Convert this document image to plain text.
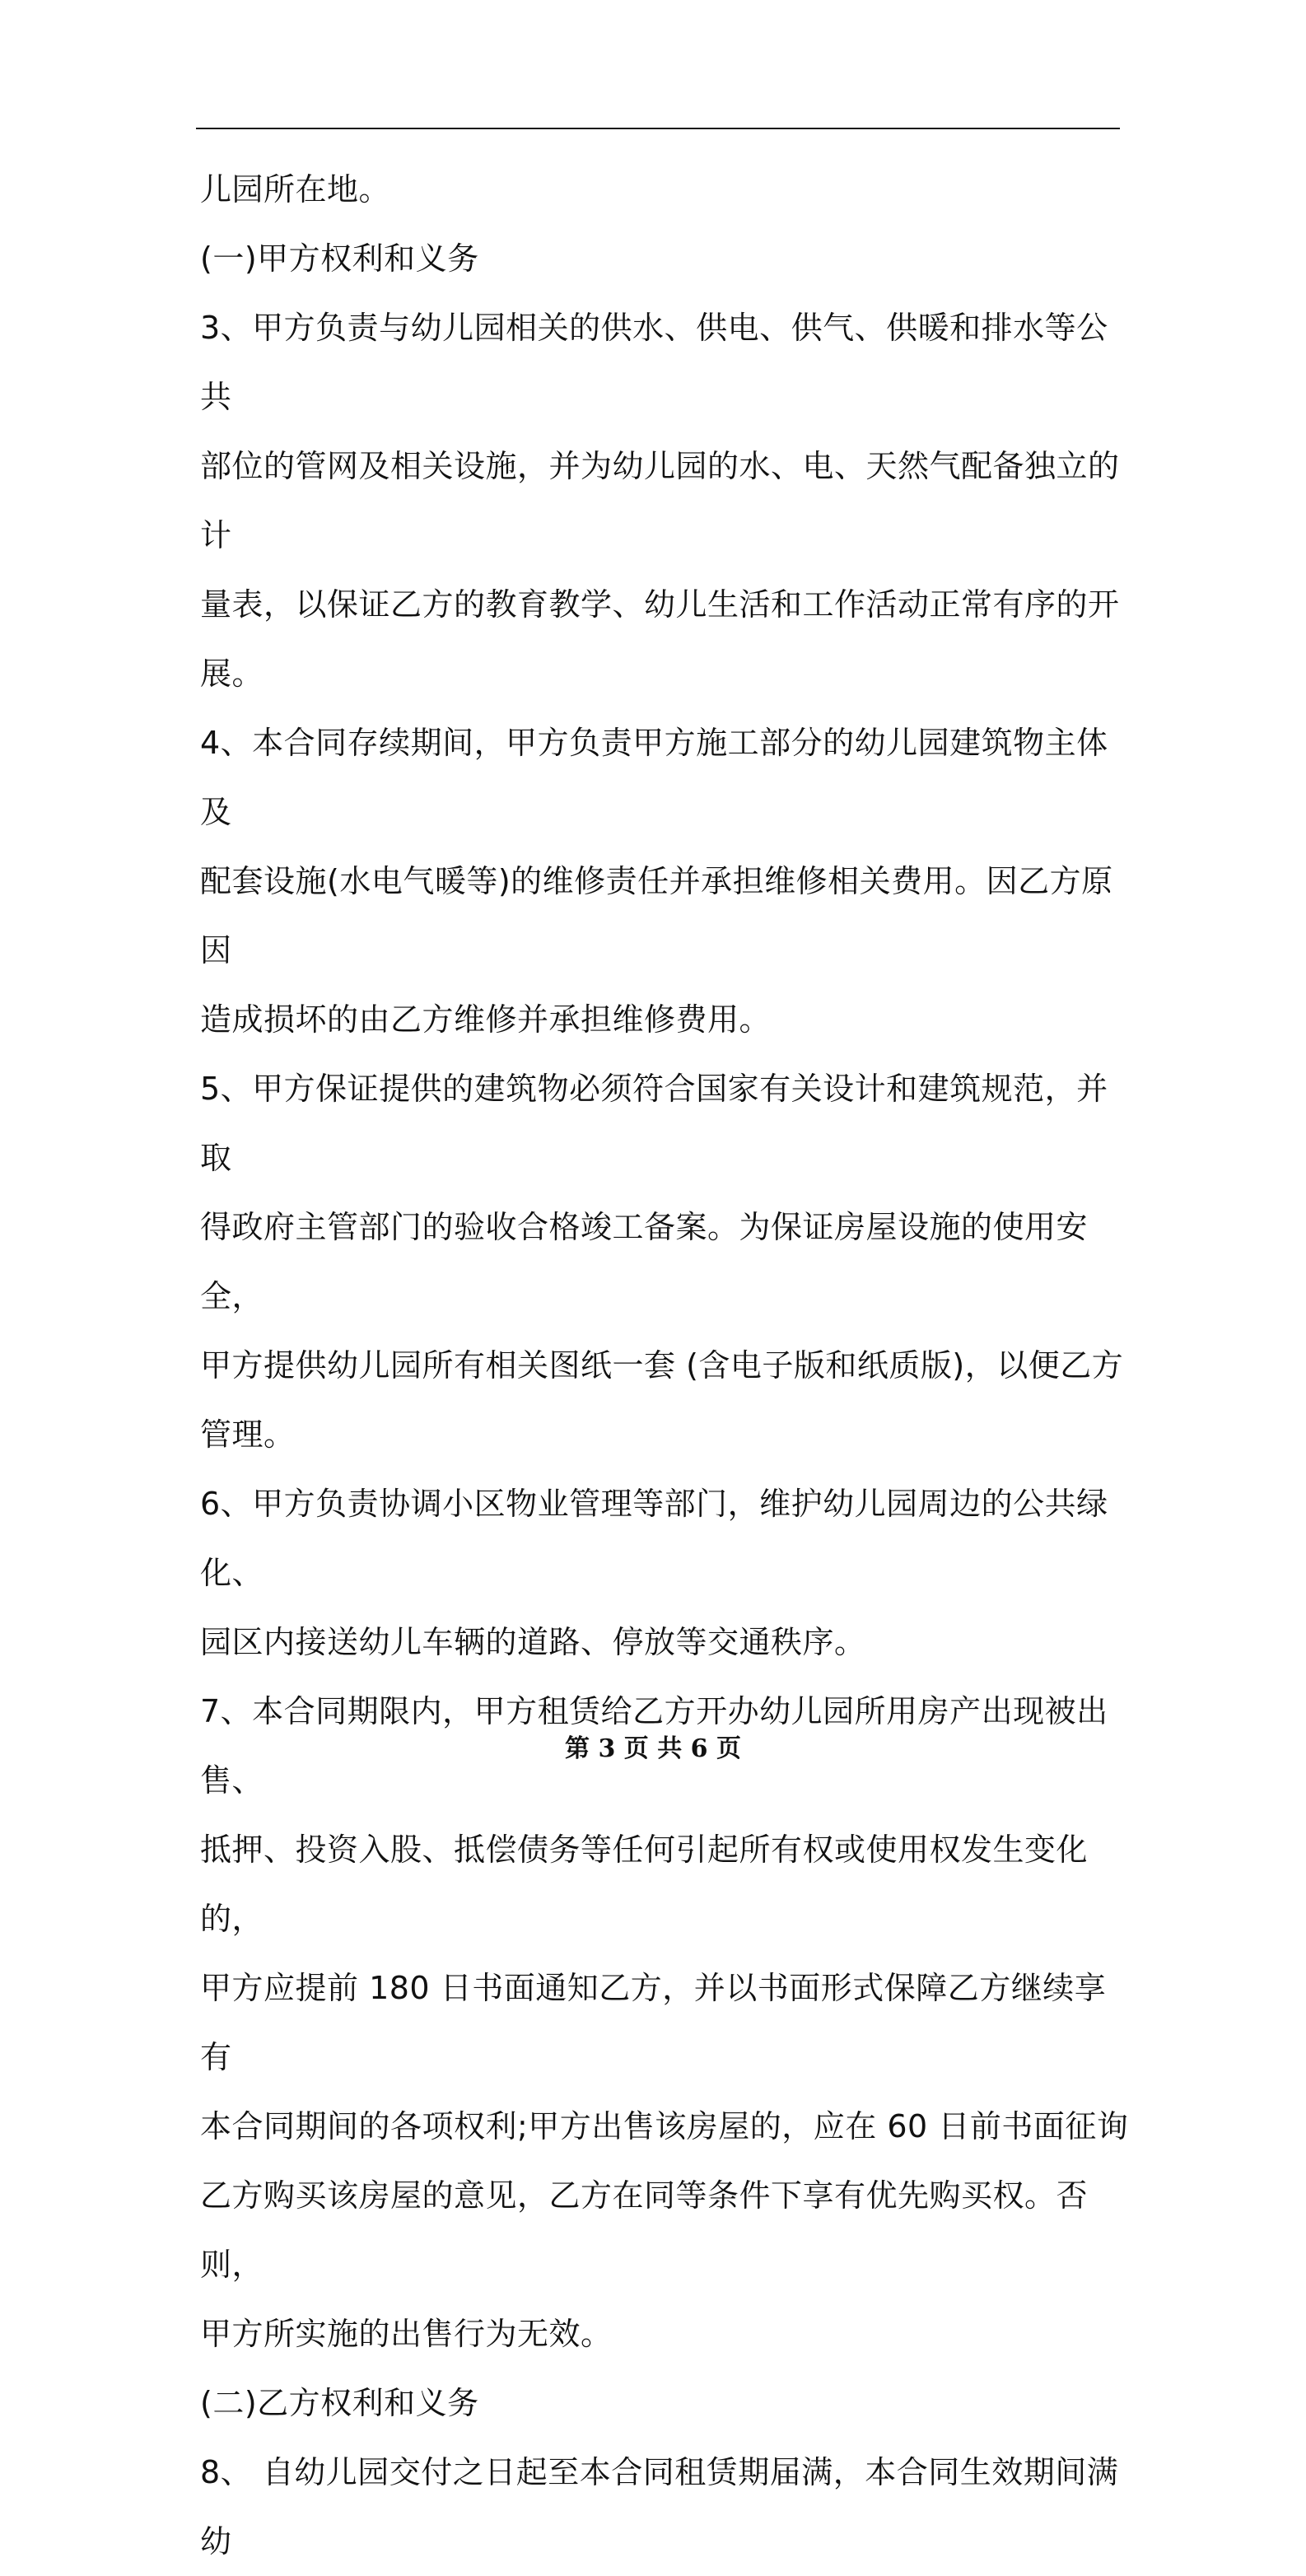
儿园所在地。

(一)甲方权利和义务

3、甲方负责与幼儿园相关的供水、供电、供气、供暖和排水等公共

部位的管网及相关设施，并为幼儿园的水、电、天然气配备独立的计

量表，以保证乙方的教育教学、幼儿生活和工作活动正常有序的开展。

4、本合同存续期间，甲方负责甲方施工部分的幼儿园建筑物主体及

配套设施(水电气暖等)的维修责任并承担维修相关费用。因乙方原因

造成损坏的由乙方维修并承担维修费用。

5、甲方保证提供的建筑物必须符合国家有关设计和建筑规范，并取

得政府主管部门的验收合格竣工备案。为保证房屋设施的使用安全，

甲方提供幼儿园所有相关图纸一套 (含电子版和纸质版)，以便乙方

管理。

6、甲方负责协调小区物业管理等部门，维护幼儿园周边的公共绿化、

园区内接送幼儿车辆的道路、停放等交通秩序。

7、本合同期限内，甲方租赁给乙方开办幼儿园所用房产出现被出售、

抵押、投资入股、抵偿债务等任何引起所有权或使用权发生变化的，

甲方应提前 180 日书面通知乙方，并以书面形式保障乙方继续享有

本合同期间的各项权利;甲方出售该房屋的，应在 60 日前书面征询

乙方购买该房屋的意见，乙方在同等条件下享有优先购买权。否则，

甲方所实施的出售行为无效。

(二)乙方权利和义务

8、 自幼儿园交付之日起至本合同租赁期届满，本合同生效期间满幼

第 3 页 共 6 页
